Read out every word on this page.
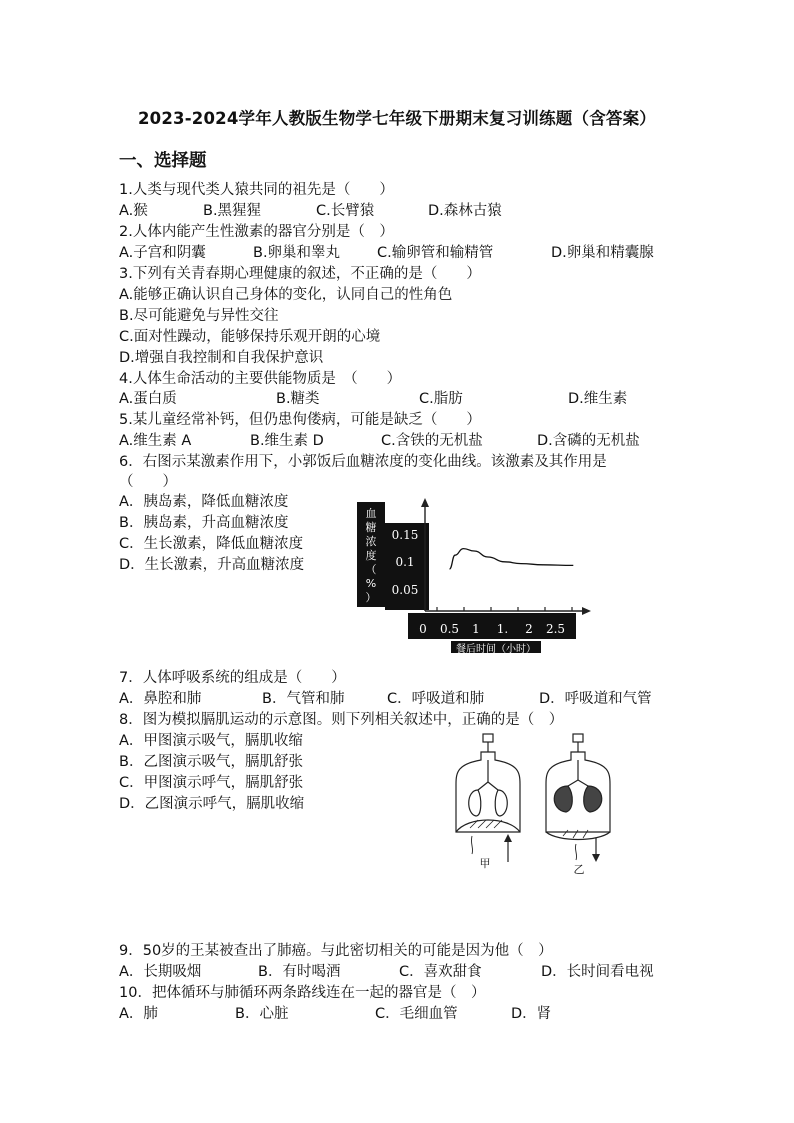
2023-2024学年人教版生物学七年级下册期末复习训练题（含答案）
一、选择题
1.人类与现代类人猿共同的祖先是（　　）
A.猴	B.黑猩猩	C.长臂猿	D.森林古猿
2.人体内能产生性激素的器官分别是（　）
A.子宫和阴囊	B.卵巢和睾丸	C.输卵管和输精管	D.卵巢和精囊腺
3.下列有关青春期心理健康的叙述，不正确的是（　　）
A.能够正确认识自己身体的变化，认同自己的性角色
B.尽可能避免与异性交往
C.面对性躁动，能够保持乐观开朗的心境
D.增强自我控制和自我保护意识
4.人体生命活动的主要供能物质是　（　　）
A.蛋白质	B.糖类	C.脂肪	D.维生素
5.某儿童经常补钙，但仍患佝偻病，可能是缺乏（　　）
A.维生素 A	B.维生素 D	C.含铁的无机盐	D.含磷的无机盐
6．右图示某激素作用下，小郭饭后血糖浓度的变化曲线。该激素及其作用是
（　　）
A．胰岛素，降低血糖浓度
B．胰岛素，升高血糖浓度
C．生长激素，降低血糖浓度
D．生长激素，升高血糖浓度
血
糖
浓
度
（
%
）
0.15
0.1
0.05
0 0.5 1 1. 2 2.5
餐后时间（小时）
7．人体呼吸系统的组成是（　　）
A．鼻腔和肺	B．气管和肺	C．呼吸道和肺	D．呼吸道和气管
8．图为模拟膈肌运动的示意图。则下列相关叙述中，正确的是（　）
A．甲图演示吸气，膈肌收缩
B．乙图演示吸气，膈肌舒张
C．甲图演示呼气，膈肌舒张
D．乙图演示呼气，膈肌收缩
甲	乙
9．50岁的王某被查出了肺癌。与此密切相关的可能是因为他（　）
A．长期吸烟	B．有时喝酒	C．喜欢甜食	D．长时间看电视
10．把体循环与肺循环两条路线连在一起的器官是（　）
A．肺	B．心脏	C．毛细血管	D．肾
